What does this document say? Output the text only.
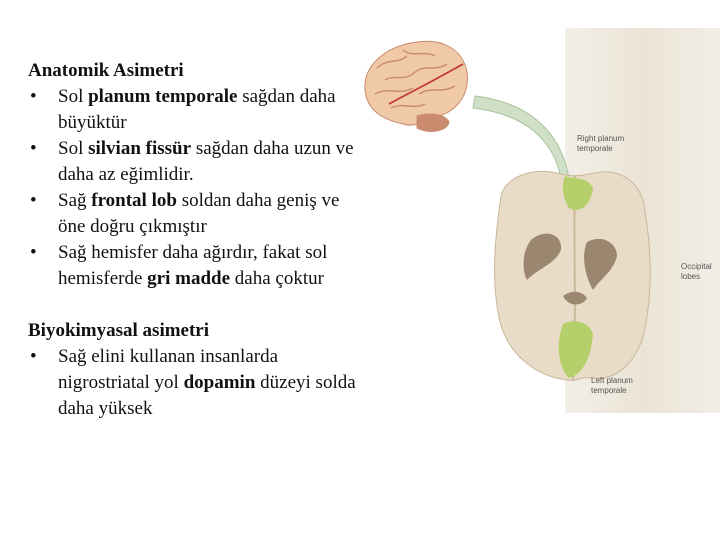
Anatomik Asimetri

• Sol planum temporale sağdan daha büyüktür
• Sol silvian fissür sağdan daha uzun ve daha az eğimlidir.
• Sağ frontal lob soldan daha geniş ve öne doğru çıkmıştır
• Sağ hemisfer daha ağırdır, fakat sol hemisferde gri madde daha çoktur

Biyokimyasal asimetri

• Sağ elini kullanan insanlarda nigrostriatal yol dopamin düzeyi solda daha yüksek
Right planum temporale
Occipital lobes
Left planum temporale
